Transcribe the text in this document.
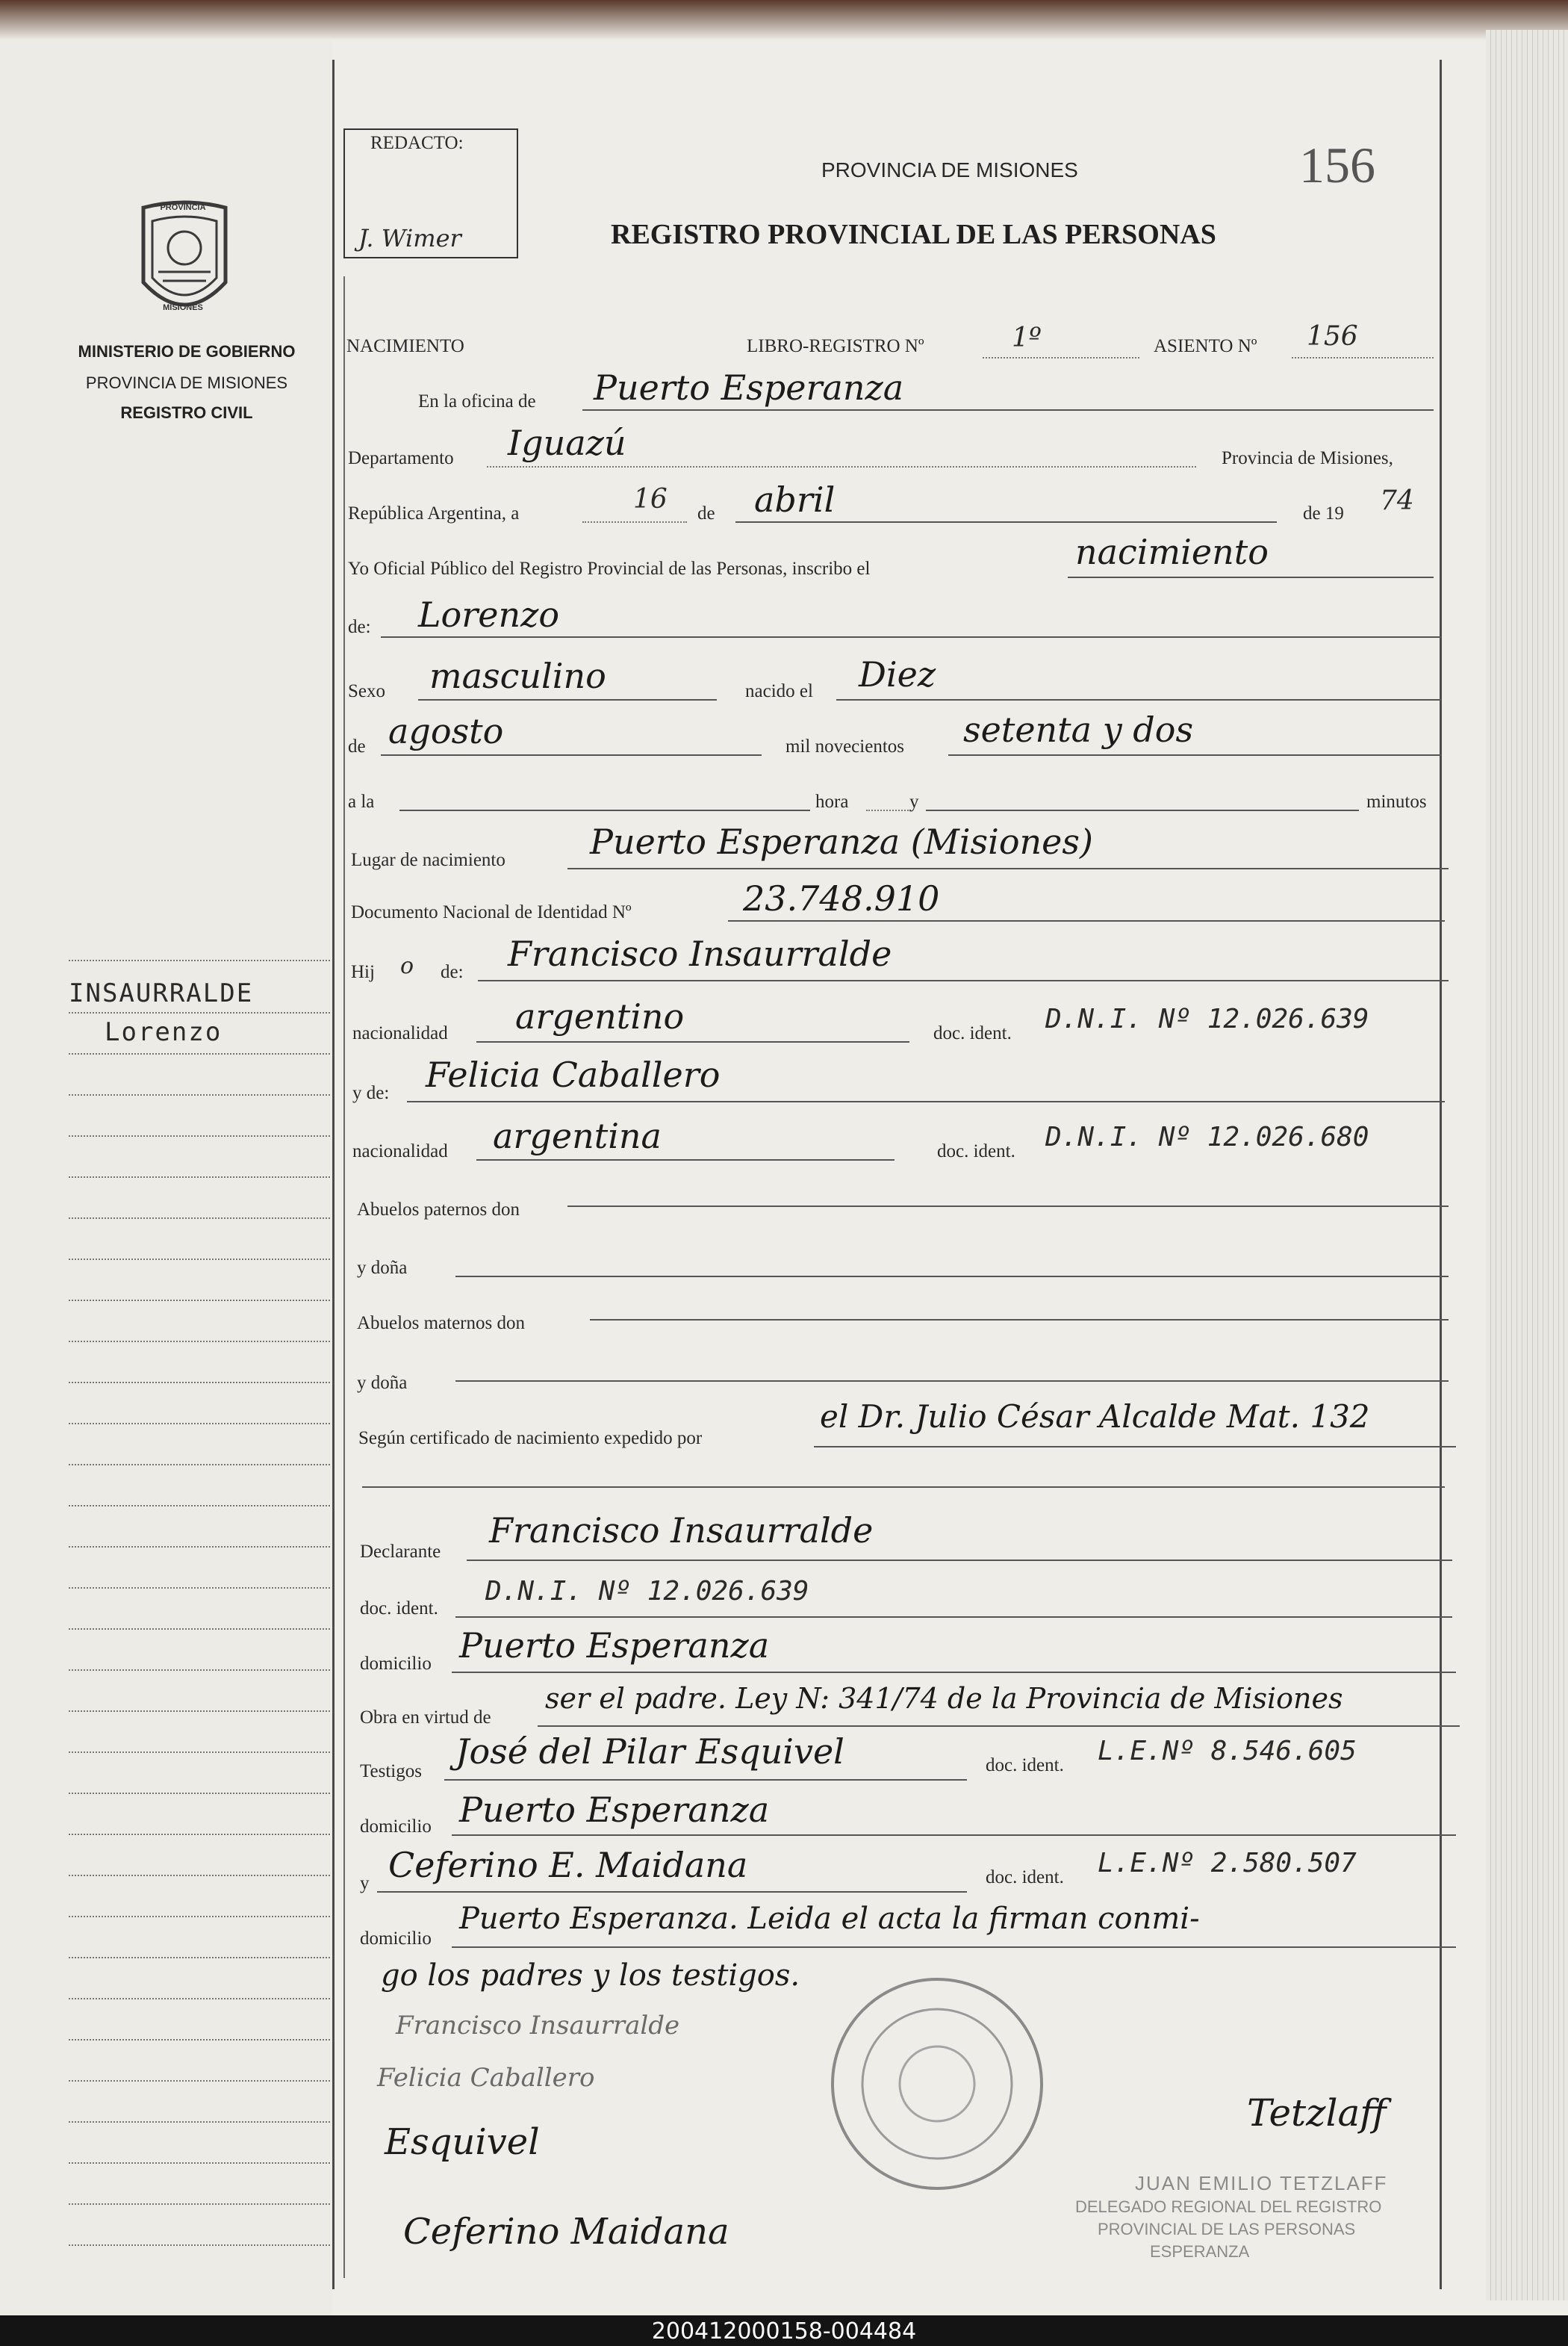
PROVINCIA
MISIONES
MINISTERIO DE GOBIERNO
PROVINCIA DE MISIONES
REGISTRO CIVIL
INSAURRALDE
Lorenzo
REDACTO:
J. Wimer
PROVINCIA DE MISIONES	156
REGISTRO PROVINCIAL DE LAS PERSONAS
NACIMIENTO	LIBRO-REGISTRO Nº	1º	ASIENTO Nº 156
En la oficina de Puerto Esperanza
Departamento Iguazú	Provincia de Misiones,
República Argentina, a	16 de abril	de 19 74
Yo Oficial Público del Registro Provincial de las Personas, inscribo el	nacimiento
de: Lorenzo
Sexo masculino	nacido el Diez
de agosto	mil novecientos setenta y dos
a la	hora	y	minutos
Lugar de nacimiento Puerto Esperanza (Misiones)
Documento Nacional de Identidad Nº	23.748.910
Hij o de: Francisco Insaurralde
nacionalidad argentino	doc. ident. D.N.I. Nº 12.026.639
y de: Felicia Caballero
nacionalidad argentina	doc. ident. D.N.I. Nº 12.026.680
Abuelos paternos don
y doña
Abuelos maternos don
y doña
Según certificado de nacimiento expedido por
el Dr. Julio César Alcalde Mat. 132
Declarante
Francisco Insaurralde
doc. ident.
D.N.I. Nº 12.026.639
domicilio Puerto Esperanza
Obra en virtud de
ser el padre. Ley N: 341/74 de la Provincia de Misiones
Testigos José del Pilar Esquivel	doc. ident. L.E.Nº 8.546.605
domicilio Puerto Esperanza
y Ceferino E. Maidana	doc. ident. L.E.Nº 2.580.507
domicilio
Puerto Esperanza. Leida el acta la firman conmi-
go los padres y los testigos.
Francisco Insaurralde
Felicia Caballero
Esquivel
Ceferino Maidana
Tetzlaff
JUAN EMILIO TETZLAFF
DELEGADO REGIONAL DEL REGISTRO
PROVINCIAL DE LAS PERSONAS
ESPERANZA
200412000158-004484
